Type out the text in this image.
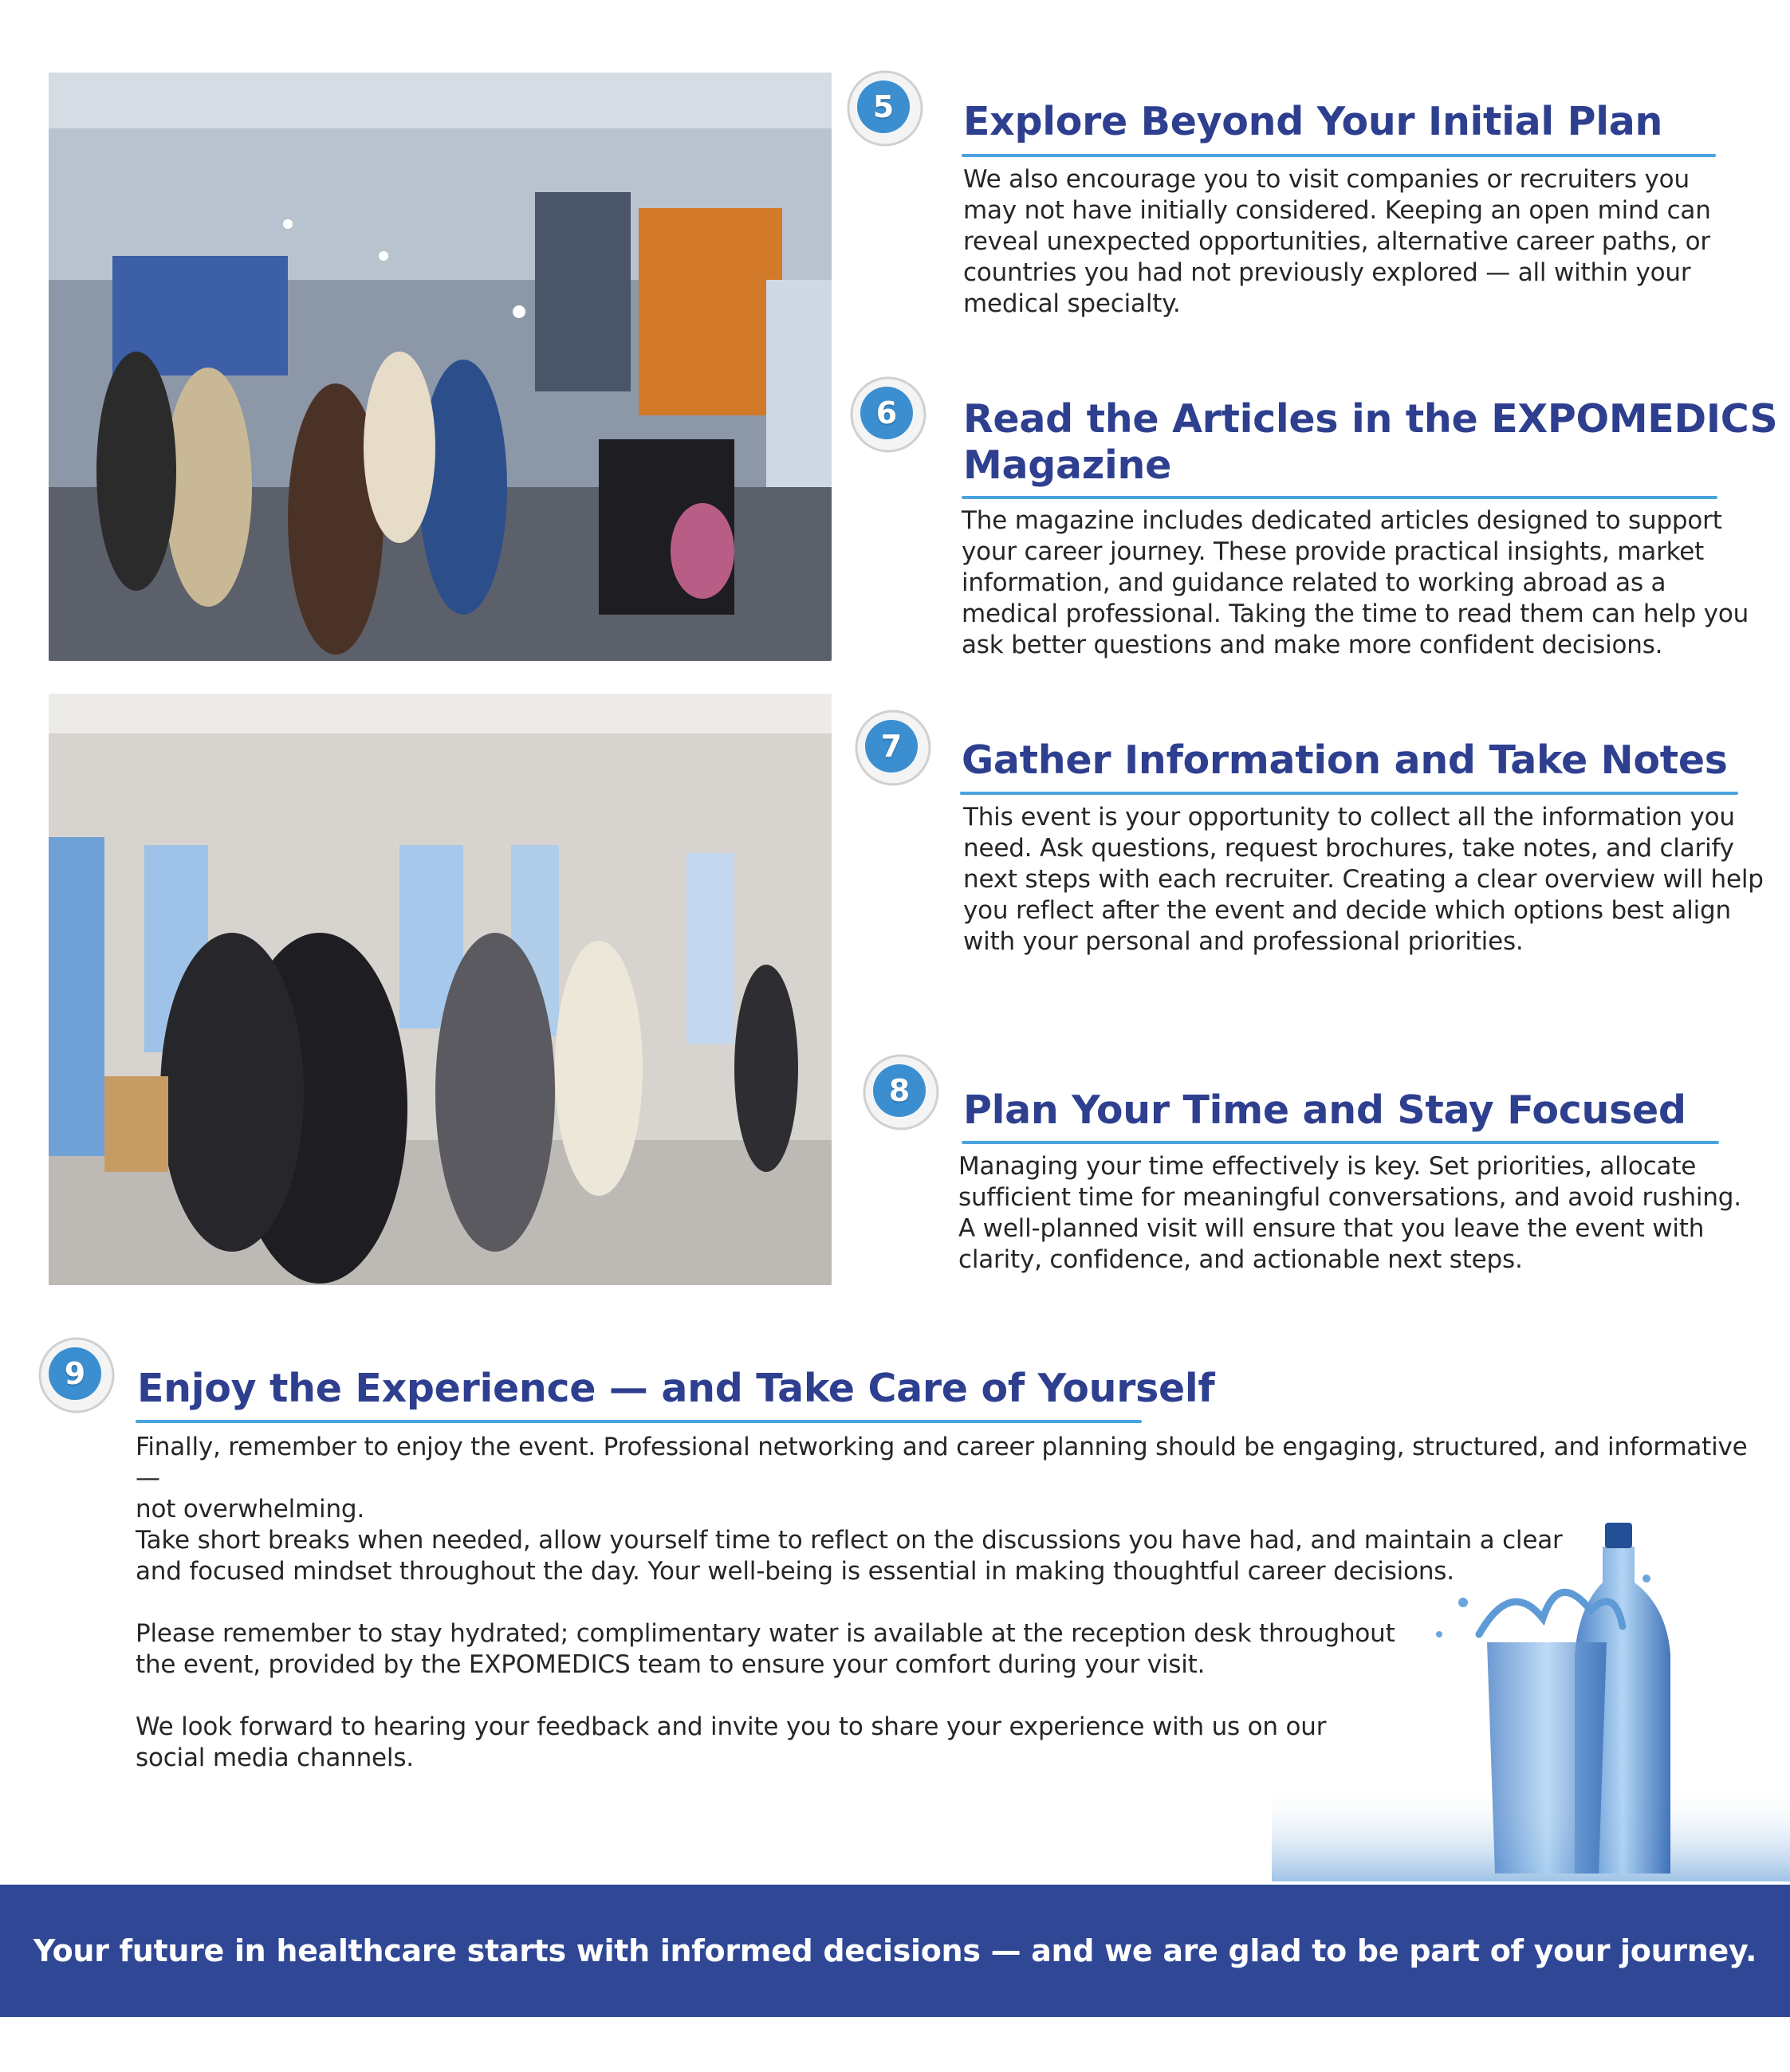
5	Explore Beyond Your Initial Plan

We also encourage you to visit companies or recruiters you
may not have initially considered. Keeping an open mind can
reveal unexpected opportunities, alternative career paths, or
countries you had not previously explored — all within your
medical specialty.

6	Read the Articles in the EXPOMEDICS
Magazine

The magazine includes dedicated articles designed to support
your career journey. These provide practical insights, market
information, and guidance related to working abroad as a
medical professional. Taking the time to read them can help you
ask better questions and make more confident decisions.

7	Gather Information and Take Notes

This event is your opportunity to collect all the information you
need. Ask questions, request brochures, take notes, and clarify
next steps with each recruiter. Creating a clear overview will help
you reflect after the event and decide which options best align
with your personal and professional priorities.

8	Plan Your Time and Stay Focused

Managing your time effectively is key. Set priorities, allocate
sufficient time for meaningful conversations, and avoid rushing.
A well-planned visit will ensure that you leave the event with
clarity, confidence, and actionable next steps.

9	Enjoy the Experience — and Take Care of Yourself

Finally, remember to enjoy the event. Professional networking and career planning should be engaging, structured, and informative —
not overwhelming.
Take short breaks when needed, allow yourself time to reflect on the discussions you have had, and maintain a clear
and focused mindset throughout the day. Your well-being is essential in making thoughtful career decisions.

Please remember to stay hydrated; complimentary water is available at the reception desk throughout
the event, provided by the EXPOMEDICS team to ensure your comfort during your visit.

We look forward to hearing your feedback and invite you to share your experience with us on our
social media channels.

Your future in healthcare starts with informed decisions — and we are glad to be part of your journey.
